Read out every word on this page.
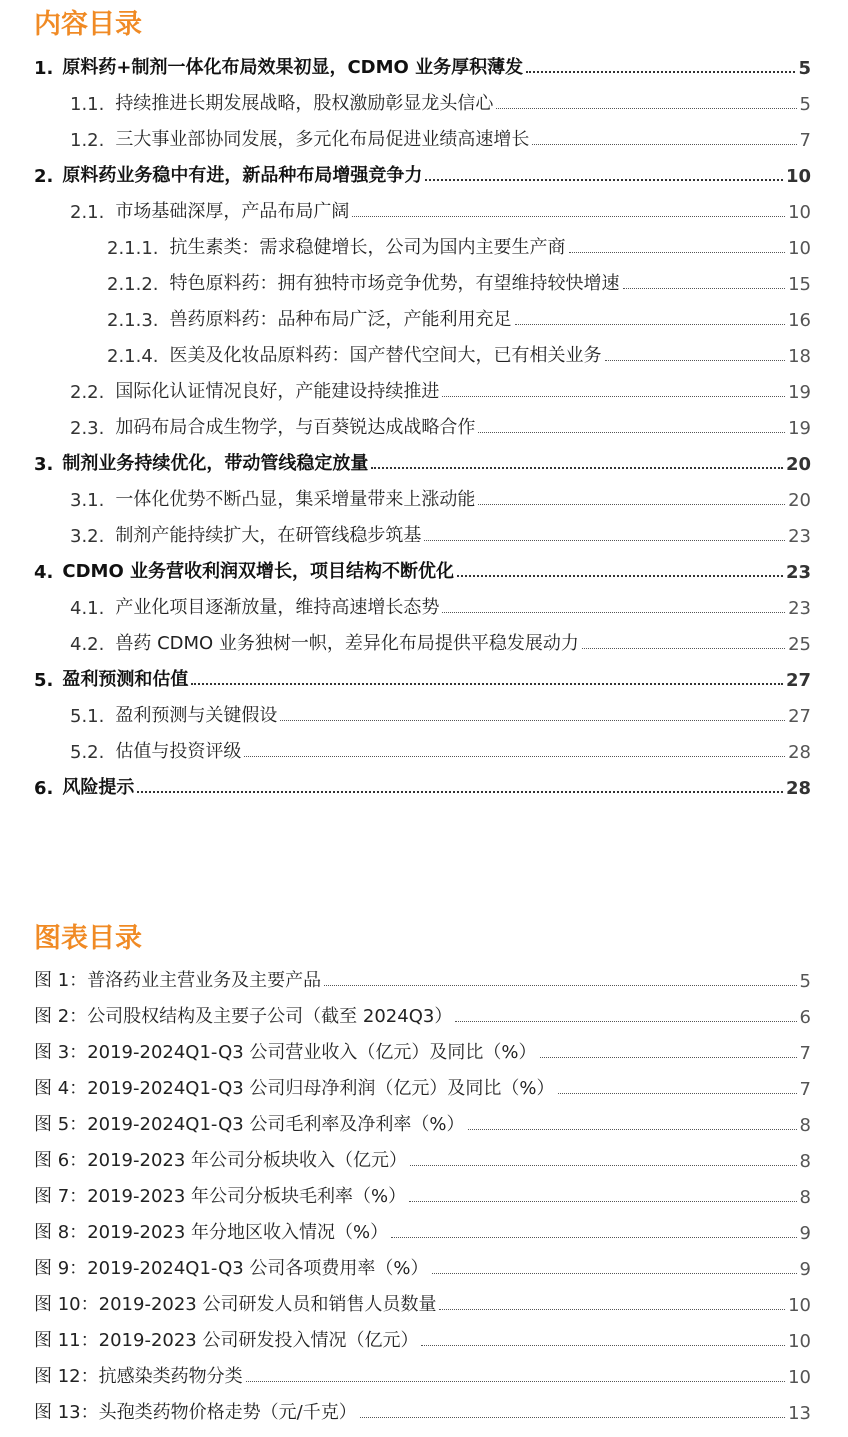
内容目录
1. 原料药+制剂一体化布局效果初显，CDMO 业务厚积薄发	5
1.1. 持续推进长期发展战略，股权激励彰显龙头信心	5
1.2. 三大事业部协同发展，多元化布局促进业绩高速增长	7
2. 原料药业务稳中有进，新品种布局增强竞争力	10
2.1. 市场基础深厚，产品布局广阔	10
2.1.1. 抗生素类：需求稳健增长，公司为国内主要生产商	10
2.1.2. 特色原料药：拥有独特市场竞争优势，有望维持较快增速	15
2.1.3. 兽药原料药：品种布局广泛，产能利用充足	16
2.1.4. 医美及化妆品原料药：国产替代空间大，已有相关业务	18
2.2. 国际化认证情况良好，产能建设持续推进	19
2.3. 加码布局合成生物学，与百葵锐达成战略合作	19
3. 制剂业务持续优化，带动管线稳定放量	20
3.1. 一体化优势不断凸显，集采增量带来上涨动能	20
3.2. 制剂产能持续扩大，在研管线稳步筑基	23
4. CDMO 业务营收利润双增长，项目结构不断优化	23
4.1. 产业化项目逐渐放量，维持高速增长态势	23
4.2. 兽药 CDMO 业务独树一帜，差异化布局提供平稳发展动力	25
5. 盈利预测和估值	27
5.1. 盈利预测与关键假设	27
5.2. 估值与投资评级	28
6. 风险提示	28
图表目录
图 1： 普洛药业主营业务及主要产品	5
图 2： 公司股权结构及主要子公司（截至 2024Q3）	6
图 3： 2019-2024Q1-Q3 公司营业收入（亿元）及同比（%）	7
图 4： 2019-2024Q1-Q3 公司归母净利润（亿元）及同比（%）	7
图 5： 2019-2024Q1-Q3 公司毛利率及净利率（%）	8
图 6： 2019-2023 年公司分板块收入（亿元）	8
图 7： 2019-2023 年公司分板块毛利率（%）	8
图 8： 2019-2023 年分地区收入情况（%）	9
图 9： 2019-2024Q1-Q3 公司各项费用率（%）	9
图 10： 2019-2023 公司研发人员和销售人员数量	10
图 11： 2019-2023 公司研发投入情况（亿元）	10
图 12： 抗感染类药物分类	10
图 13： 头孢类药物价格走势（元/千克）	13
